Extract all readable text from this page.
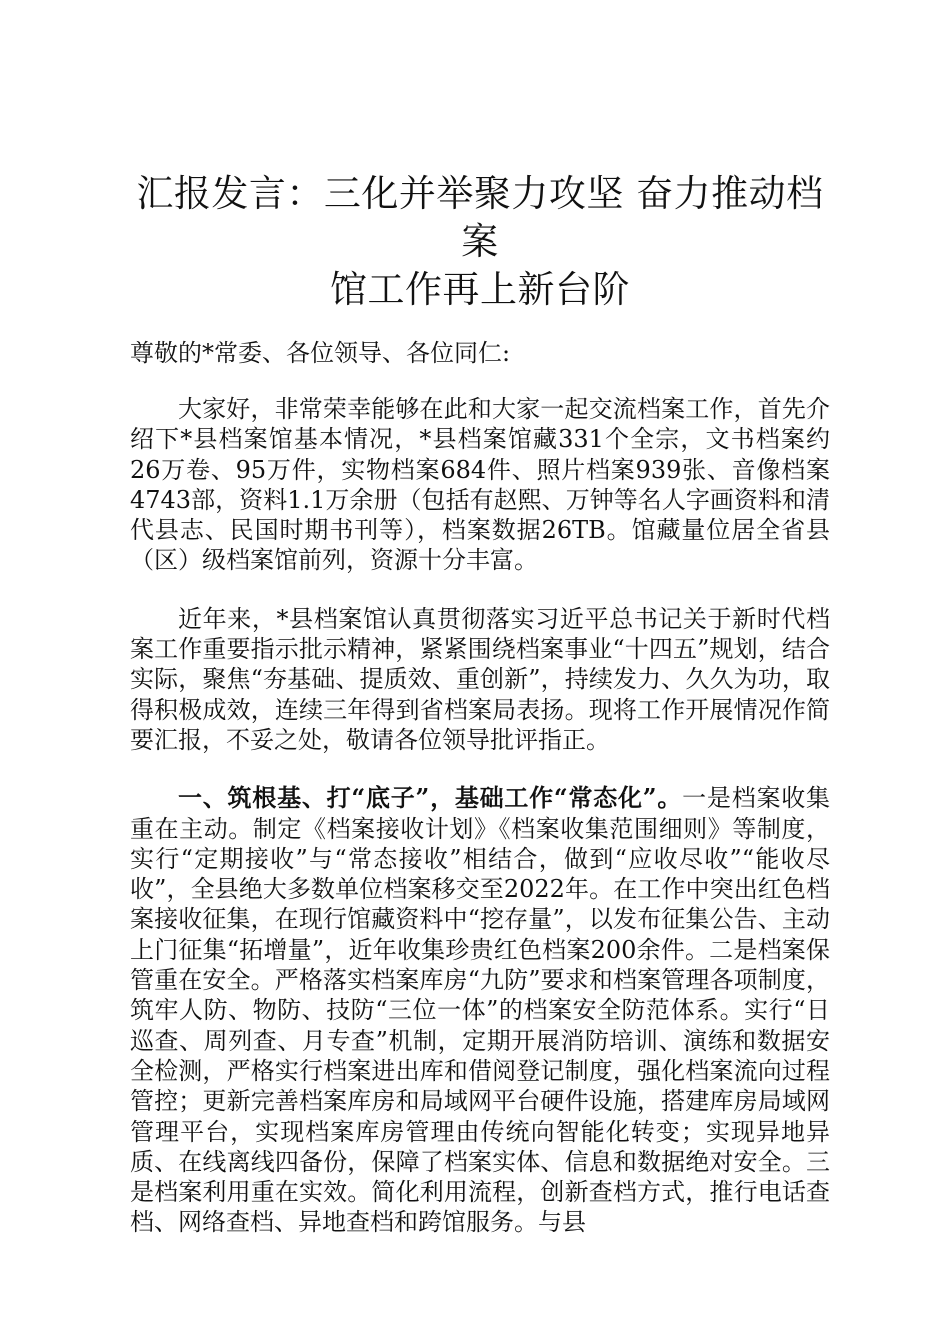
汇报发言：三化并举聚力攻坚 奋力推动档案
馆工作再上新台阶
尊敬的*常委、各位领导、各位同仁:

大家好，非常荣幸能够在此和大家一起交流档案工作，首先介绍下*县档案馆基本情况，*县档案馆藏331个全宗，文书档案约26万卷、95万件，实物档案684件、照片档案939张、音像档案4743部，资料1.1万余册（包括有赵熙、万钟等名人字画资料和清代县志、民国时期书刊等），档案数据26TB。馆藏量位居全省县（区）级档案馆前列，资源十分丰富。

近年来，*县档案馆认真贯彻落实习近平总书记关于新时代档案工作重要指示批示精神，紧紧围绕档案事业“十四五”规划，结合实际，聚焦“夯基础、提质效、重创新”，持续发力、久久为功，取得积极成效，连续三年得到省档案局表扬。现将工作开展情况作简要汇报，不妥之处，敬请各位领导批评指正。

一、筑根基、打“底子”，基础工作“常态化”。一是档案收集重在主动。制定《档案接收计划》《档案收集范围细则》等制度，实行“定期接收”与“常态接收”相结合，做到“应收尽收”“能收尽收”，全县绝大多数单位档案移交至2022年。在工作中突出红色档案接收征集，在现行馆藏资料中“挖存量”，以发布征集公告、主动上门征集“拓增量”，近年收集珍贵红色档案200余件。二是档案保管重在安全。严格落实档案库房“九防”要求和档案管理各项制度，筑牢人防、物防、技防“三位一体”的档案安全防范体系。实行“日巡查、周列查、月专查”机制，定期开展消防培训、演练和数据安全检测，严格实行档案进出库和借阅登记制度，强化档案流向过程管控；更新完善档案库房和局域网平台硬件设施，搭建库房局域网管理平台，实现档案库房管理由传统向智能化转变；实现异地异质、在线离线四备份，保障了档案实体、信息和数据绝对安全。三是档案利用重在实效。简化利用流程，创新查档方式，推行电话查档、网络查档、异地查档和跨馆服务。与县
